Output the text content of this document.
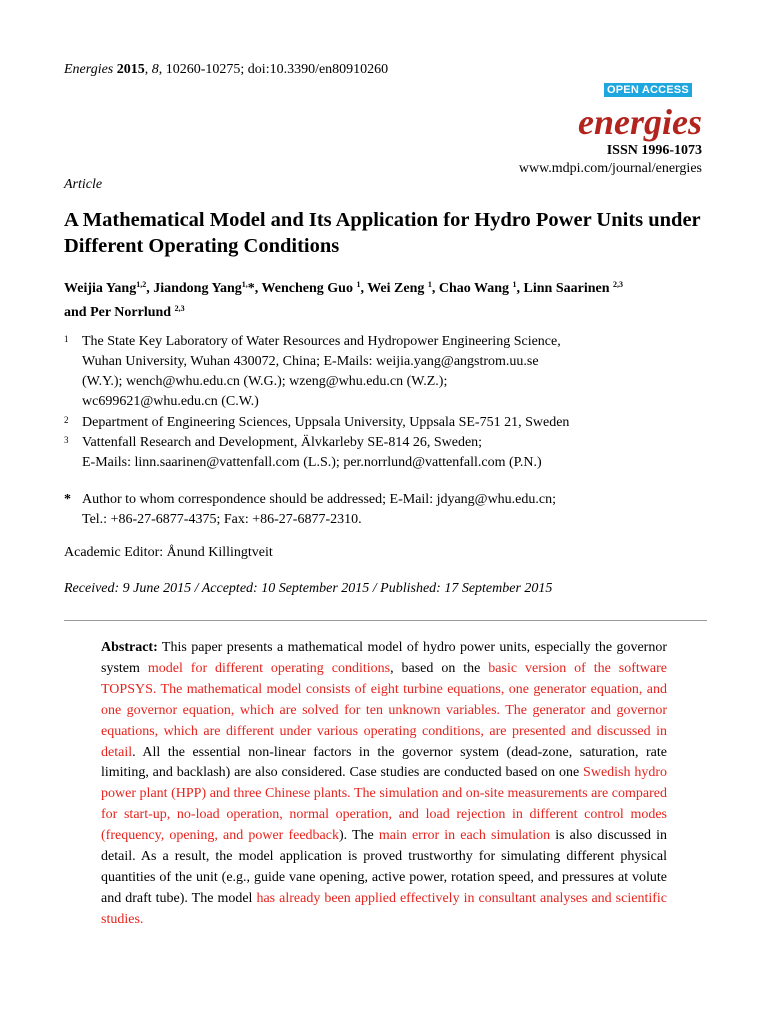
Energies 2015, 8, 10260-10275; doi:10.3390/en80910260
OPEN ACCESS
energies
ISSN 1996-1073
www.mdpi.com/journal/energies
Article
A Mathematical Model and Its Application for Hydro Power Units under Different Operating Conditions
Weijia Yang$^{1,2}$, Jiandong Yang$^{1,}$*, Wencheng Guo $^1$, Wei Zeng $^1$, Chao Wang $^1$, Linn Saarinen $^{2,3}$
and Per Norrlund $^{2,3}$
1 The State Key Laboratory of Water Resources and Hydropower Engineering Science,
Wuhan University, Wuhan 430072, China; E-Mails: weijia.yang@angstrom.uu.se
(W.Y.); wench@whu.edu.cn (W.G.); wzeng@whu.edu.cn (W.Z.);
wc699621@whu.edu.cn (C.W.)
2 Department of Engineering Sciences, Uppsala University, Uppsala SE-751 21, Sweden
3 Vattenfall Research and Development, Älvkarleby SE-814 26, Sweden;
E-Mails: linn.saarinen@vattenfall.com (L.S.); per.norrlund@vattenfall.com (P.N.)
* Author to whom correspondence should be addressed; E-Mail: jdyang@whu.edu.cn;
Tel.: +86-27-6877-4375; Fax: +86-27-6877-2310.
Academic Editor: Ånund Killingtveit
Received: 9 June 2015 / Accepted: 10 September 2015 / Published: 17 September 2015
Abstract: This paper presents a mathematical model of hydro power units, especially the governor system model for different operating conditions, based on the basic version of the software TOPSYS. The mathematical model consists of eight turbine equations, one generator equation, and one governor equation, which are solved for ten unknown variables. The generator and governor equations, which are different under various operating conditions, are presented and discussed in detail. All the essential non-linear factors in the governor system (dead-zone, saturation, rate limiting, and backlash) are also considered. Case studies are conducted based on one Swedish hydro power plant (HPP) and three Chinese plants. The simulation and on-site measurements are compared for start-up, no-load operation, normal operation, and load rejection in different control modes (frequency, opening, and power feedback). The main error in each simulation is also discussed in detail. As a result, the model application is proved trustworthy for simulating different physical quantities of the unit (e.g., guide vane opening, active power, rotation speed, and pressures at volute and draft tube). The model has already been applied effectively in consultant analyses and scientific studies.
